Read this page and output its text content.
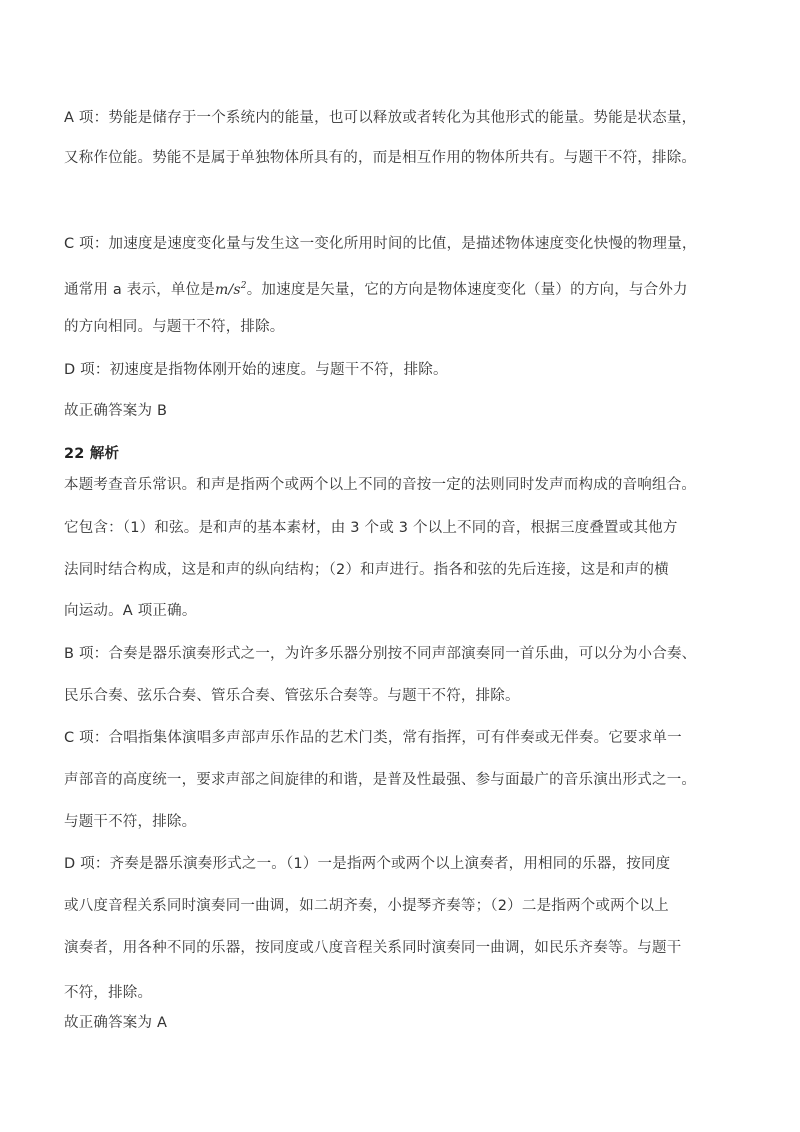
A 项：势能是储存于一个系统内的能量，也可以释放或者转化为其他形式的能量。势能是状态量，

又称作位能。势能不是属于单独物体所具有的，而是相互作用的物体所共有。与题干不符，排除。

C 项：加速度是速度变化量与发生这一变化所用时间的比值，是描述物体速度变化快慢的物理量，

通常用 a 表示，单位是$m/s^2$。加速度是矢量，它的方向是物体速度变化（量）的方向，与合外力

的方向相同。与题干不符，排除。

D 项：初速度是指物体刚开始的速度。与题干不符，排除。

故正确答案为 B

22 解析

本题考查音乐常识。和声是指两个或两个以上不同的音按一定的法则同时发声而构成的音响组合。

它包含：（1）和弦。是和声的基本素材，由 3 个或 3 个以上不同的音，根据三度叠置或其他方

法同时结合构成，这是和声的纵向结构；（2）和声进行。指各和弦的先后连接，这是和声的横

向运动。A 项正确。

B 项：合奏是器乐演奏形式之一，为许多乐器分别按不同声部演奏同一首乐曲，可以分为小合奏、

民乐合奏、弦乐合奏、管乐合奏、管弦乐合奏等。与题干不符，排除。

C 项：合唱指集体演唱多声部声乐作品的艺术门类，常有指挥，可有伴奏或无伴奏。它要求单一

声部音的高度统一，要求声部之间旋律的和谐，是普及性最强、参与面最广的音乐演出形式之一。

与题干不符，排除。

D 项：齐奏是器乐演奏形式之一。（1）一是指两个或两个以上演奏者，用相同的乐器，按同度

或八度音程关系同时演奏同一曲调，如二胡齐奏，小提琴齐奏等；（2）二是指两个或两个以上

演奏者，用各种不同的乐器，按同度或八度音程关系同时演奏同一曲调，如民乐齐奏等。与题干

不符，排除。

故正确答案为 A
